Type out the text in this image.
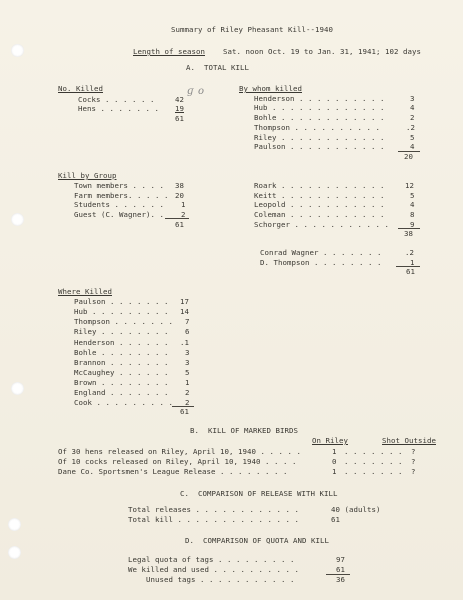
Summary of Riley Pheasant Kill--1940
Length of season Sat. noon Oct. 19 to Jan. 31, 1941; 102 days
A.  TOTAL KILL
No. Killed
Cocks . . . . . .	42
Hens . . . . . . . 19
61
ɡ o	By whom killed
Henderson . . . . . . . . . .	3
Hub . . . . . . . . . . . . .	4
Bohle . . . . . . . . . . . .	2
Thompson . . . . . . . . . .	.2
Riley . . . . . . . . . . . .	5
Paulson . . . . . . . . . . .	4
20
Kill by Group
Town members . . . . 38
Farm members. . . . . 20
Students . . . . . . 1
Guest (C. Wagner). . 2
61
Roark . . . . . . . . . . . .	12
Keitt . . . . . . . . . . . .	5
Leopold . . . . . . . . . . .	4
Coleman . . . . . . . . . . .	8
Schorger . . . . . . . . . . .	9
38
Conrad Wagner . . . . . . .	.2
D. Thompson . . . . . . . .	1
61
Where Killed
Paulson . . . . . . . 17
Hub . . . . . . . . . 14
Thompson . . . . . . . 7
Riley . . . . . . . . 6
Henderson . . . . . . .1
Bohle . . . . . . . . 3
Brannon . . . . . . . 3
McCaughey . . . . . . 5
Brown . . . . . . . . 1
England . . . . . . . 2
Cook . . . . . . . . . 2
61
B.  KILL OF MARKED BIRDS
On Riley	Shot Outside
Of 30 hens released on Riley, April 10, 1940 . . . . .	1 . . . . . . . ?
Of 10 cocks released on Riley, April 10, 1940 . . . .	0 . . . . . . . ?
Dane Co. Sportsmen's League Release . . . . . . . .	1 . . . . . . . ?
C.  COMPARISON OF RELEASE WITH KILL
Total releases . . . . . . . . . . . .	40 (adults)
Total kill . . . . . . . . . . . . . .	61
D.  COMPARISON OF QUOTA AND KILL
Legal quota of tags . . . . . . . . .	97
We killed and used . . . . . . . . . .	61
Unused tags . . . . . . . . . . .	36
